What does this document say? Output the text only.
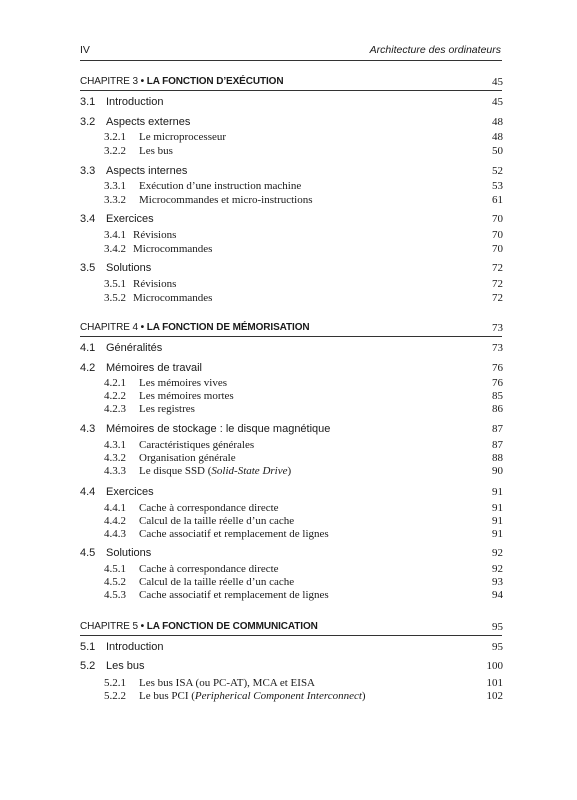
IV	Architecture des ordinateurs
CHAPITRE 3 • LA FONCTION D’EXÉCUTION	45
3.1 Introduction	45
3.2 Aspects externes	48
3.2.1 Le microprocesseur	48
3.2.2 Les bus	50
3.3 Aspects internes	52
3.3.1 Exécution d’une instruction machine	53
3.3.2 Microcommandes et micro-instructions	61
3.4 Exercices	70
3.4.1 Révisions	70
3.4.2 Microcommandes	70
3.5 Solutions	72
3.5.1 Révisions	72
3.5.2 Microcommandes	72
CHAPITRE 4 • LA FONCTION DE MÉMORISATION	73
4.1 Généralités	73
4.2 Mémoires de travail	76
4.2.1 Les mémoires vives	76
4.2.2 Les mémoires mortes	85
4.2.3 Les registres	86
4.3 Mémoires de stockage : le disque magnétique	87
4.3.1 Caractéristiques générales	87
4.3.2 Organisation générale	88
4.3.3 Le disque SSD (Solid-State Drive)	90
4.4 Exercices	91
4.4.1 Cache à correspondance directe	91
4.4.2 Calcul de la taille réelle d’un cache	91
4.4.3 Cache associatif et remplacement de lignes	91
4.5 Solutions	92
4.5.1 Cache à correspondance directe	92
4.5.2 Calcul de la taille réelle d’un cache	93
4.5.3 Cache associatif et remplacement de lignes	94
CHAPITRE 5 • LA FONCTION DE COMMUNICATION	95
5.1 Introduction	95
5.2 Les bus	100
5.2.1 Les bus ISA (ou PC-AT), MCA et EISA	101
5.2.2 Le bus PCI (Peripherical Component Interconnect)	102
